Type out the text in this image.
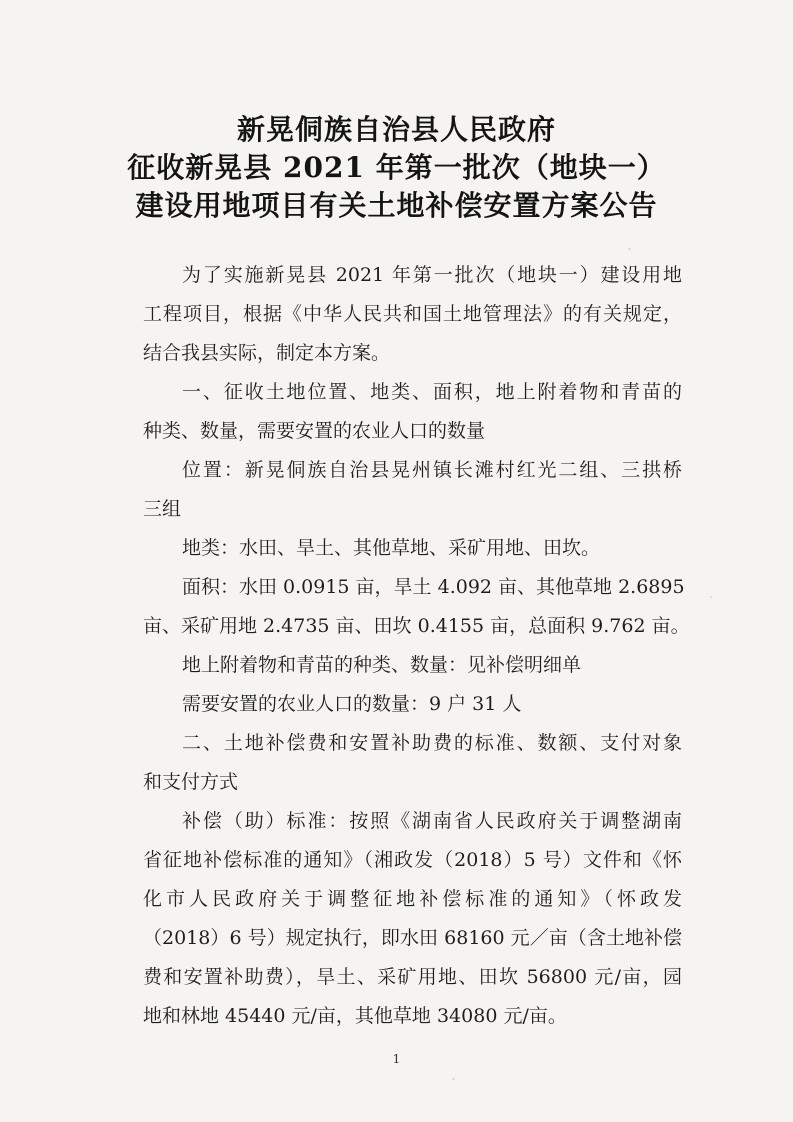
新晃侗族自治县人民政府
征收新晃县 2021 年第一批次（地块一）
建设用地项目有关土地补偿安置方案公告
为了实施新晃县 2021 年第一批次（地块一）建设用地
工程项目，根据《中华人民共和国土地管理法》的有关规定，
结合我县实际，制定本方案。
一、征收土地位置、地类、面积，地上附着物和青苗的
种类、数量，需要安置的农业人口的数量
位置：新晃侗族自治县晃州镇长滩村红光二组、三拱桥
三组
地类：水田、旱土、其他草地、采矿用地、田坎。
面积：水田 0.0915 亩，旱土 4.092 亩、其他草地 2.6895
亩、采矿用地 2.4735 亩、田坎 0.4155 亩，总面积 9.762 亩。
地上附着物和青苗的种类、数量：见补偿明细单
需要安置的农业人口的数量：9 户 31 人
二、土地补偿费和安置补助费的标准、数额、支付对象
和支付方式
补偿（助）标准：按照《湖南省人民政府关于调整湖南
省征地补偿标准的通知》（湘政发（2018）5 号）文件和《怀
化市人民政府关于调整征地补偿标准的通知》（怀政发
（2018）6 号）规定执行，即水田 68160 元／亩（含土地补偿
费和安置补助费），旱土、采矿用地、田坎 56800 元/亩，园
地和林地 45440 元/亩，其他草地 34080 元/亩。
1
